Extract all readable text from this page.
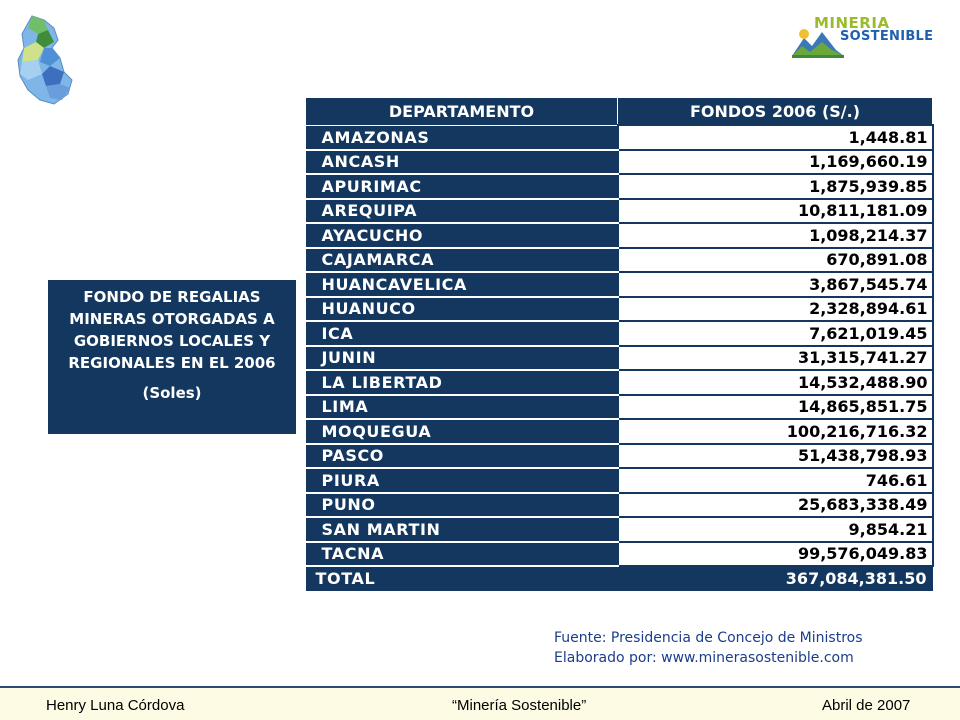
MINERIA
SOSTENIBLE
FONDO DE REGALIAS MINERAS OTORGADAS A GOBIERNOS LOCALES Y REGIONALES EN EL 2006
(Soles)
DEPARTAMENTO	FONDOS 2006 (S/.)
AMAZONAS	1,448.81
ANCASH	1,169,660.19
APURIMAC	1,875,939.85
AREQUIPA	10,811,181.09
AYACUCHO	1,098,214.37
CAJAMARCA	670,891.08
HUANCAVELICA	3,867,545.74
HUANUCO	2,328,894.61
ICA	7,621,019.45
JUNIN	31,315,741.27
LA LIBERTAD	14,532,488.90
LIMA	14,865,851.75
MOQUEGUA	100,216,716.32
PASCO	51,438,798.93
PIURA	746.61
PUNO	25,683,338.49
SAN MARTIN	9,854.21
TACNA	99,576,049.83
TOTAL	367,084,381.50
Fuente: Presidencia de Concejo de Ministros
Elaborado por: www.minerasostenible.com
Henry Luna Córdova	“Minería Sostenible”	Abril de 2007
